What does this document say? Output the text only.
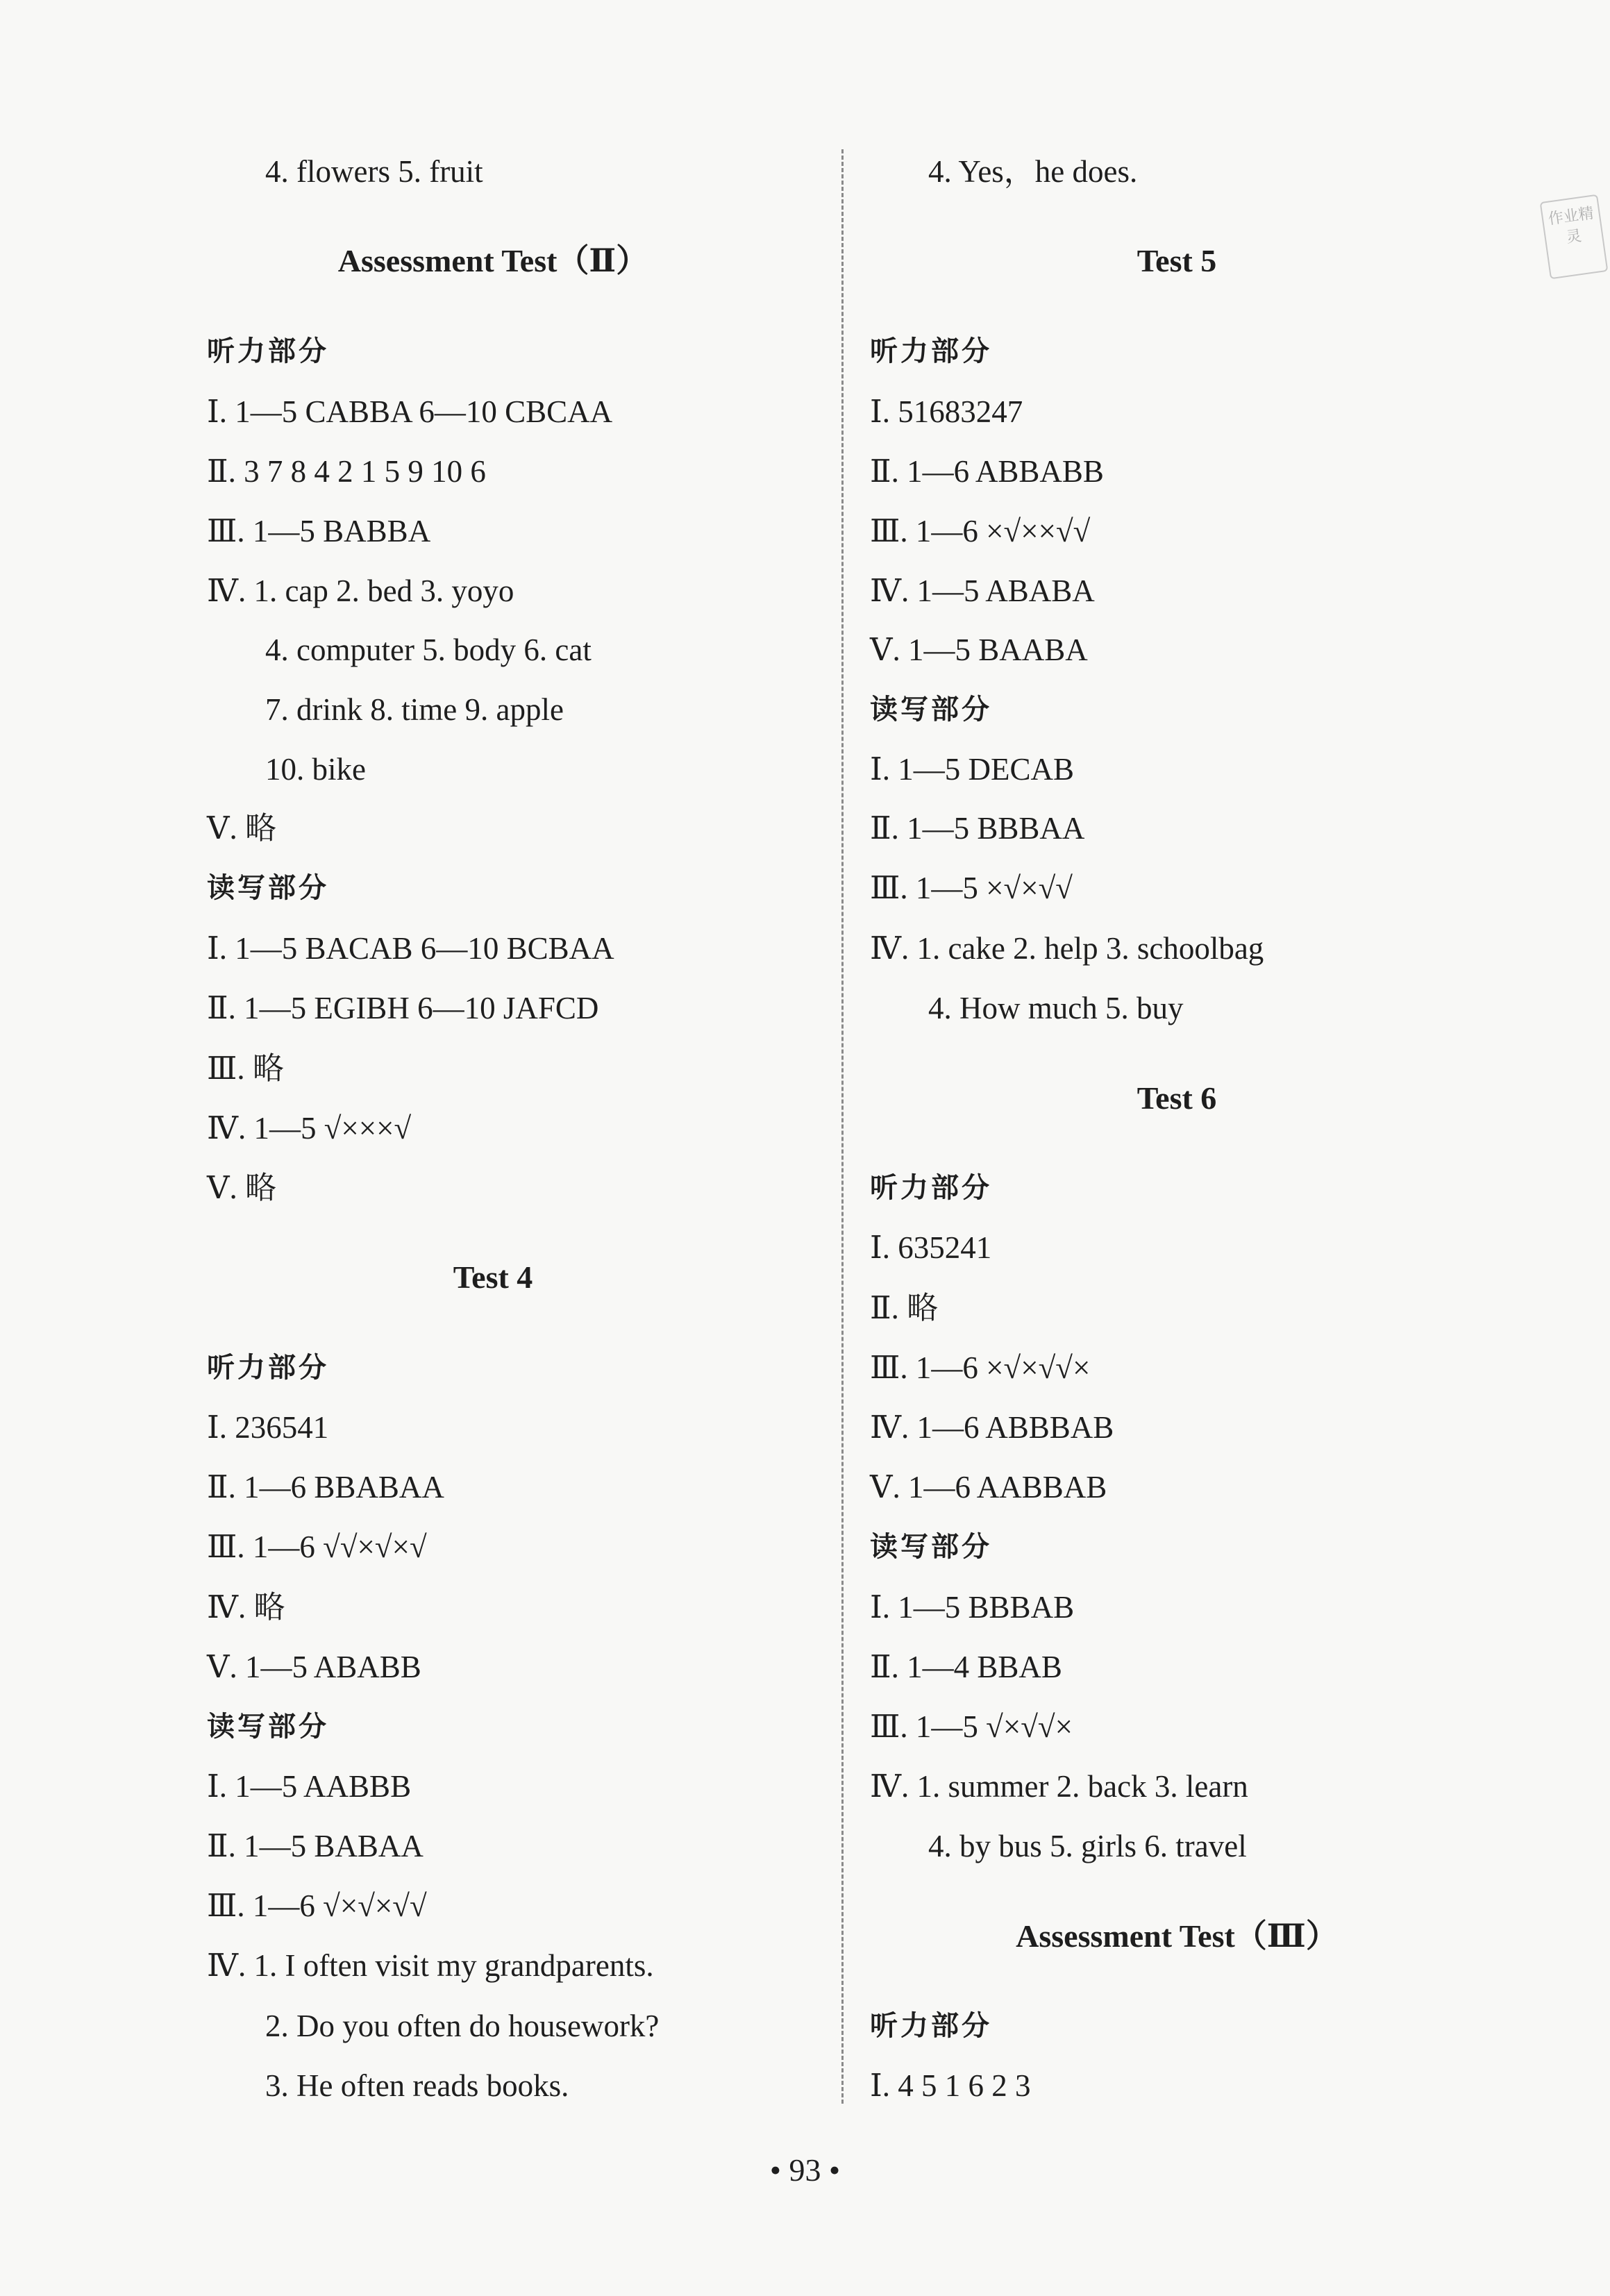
4. flowers 5. fruit
Assessment Test（Ⅱ）
听力部分
Ⅰ. 1—5 CABBA 6—10 CBCAA
Ⅱ. 3 7 8 4 2 1 5 9 10 6
Ⅲ. 1—5 BABBA
Ⅳ. 1. cap 2. bed 3. yoyo
4. computer 5. body 6. cat
7. drink 8. time 9. apple
10. bike
Ⅴ. 略
读写部分
Ⅰ. 1—5 BACAB 6—10 BCBAA
Ⅱ. 1—5 EGIBH 6—10 JAFCD
Ⅲ. 略
Ⅳ. 1—5 √×××√
Ⅴ. 略
Test 4
听力部分
Ⅰ. 236541
Ⅱ. 1—6 BBABAA
Ⅲ. 1—6 √√×√×√
Ⅳ. 略
Ⅴ. 1—5 ABABB
读写部分
Ⅰ. 1—5 AABBB
Ⅱ. 1—5 BABAA
Ⅲ. 1—6 √×√×√√
Ⅳ. 1. I often visit my grandparents.
2. Do you often do housework?
3. He often reads books.
4. Yes，he does.
Test 5
听力部分
Ⅰ. 51683247
Ⅱ. 1—6 ABBABB
Ⅲ. 1—6 ×√××√√
Ⅳ. 1—5 ABABA
Ⅴ. 1—5 BAABA
读写部分
Ⅰ. 1—5 DECAB
Ⅱ. 1—5 BBBAA
Ⅲ. 1—5 ×√×√√
Ⅳ. 1. cake 2. help 3. schoolbag
4. How much 5. buy
Test 6
听力部分
Ⅰ. 635241
Ⅱ. 略
Ⅲ. 1—6 ×√×√√×
Ⅳ. 1—6 ABBBAB
Ⅴ. 1—6 AABBAB
读写部分
Ⅰ. 1—5 BBBAB
Ⅱ. 1—4 BBAB
Ⅲ. 1—5 √×√√×
Ⅳ. 1. summer 2. back 3. learn
4. by bus 5. girls 6. travel
Assessment Test（Ⅲ）
听力部分
Ⅰ. 4 5 1 6 2 3
作业精灵
• 93 •
